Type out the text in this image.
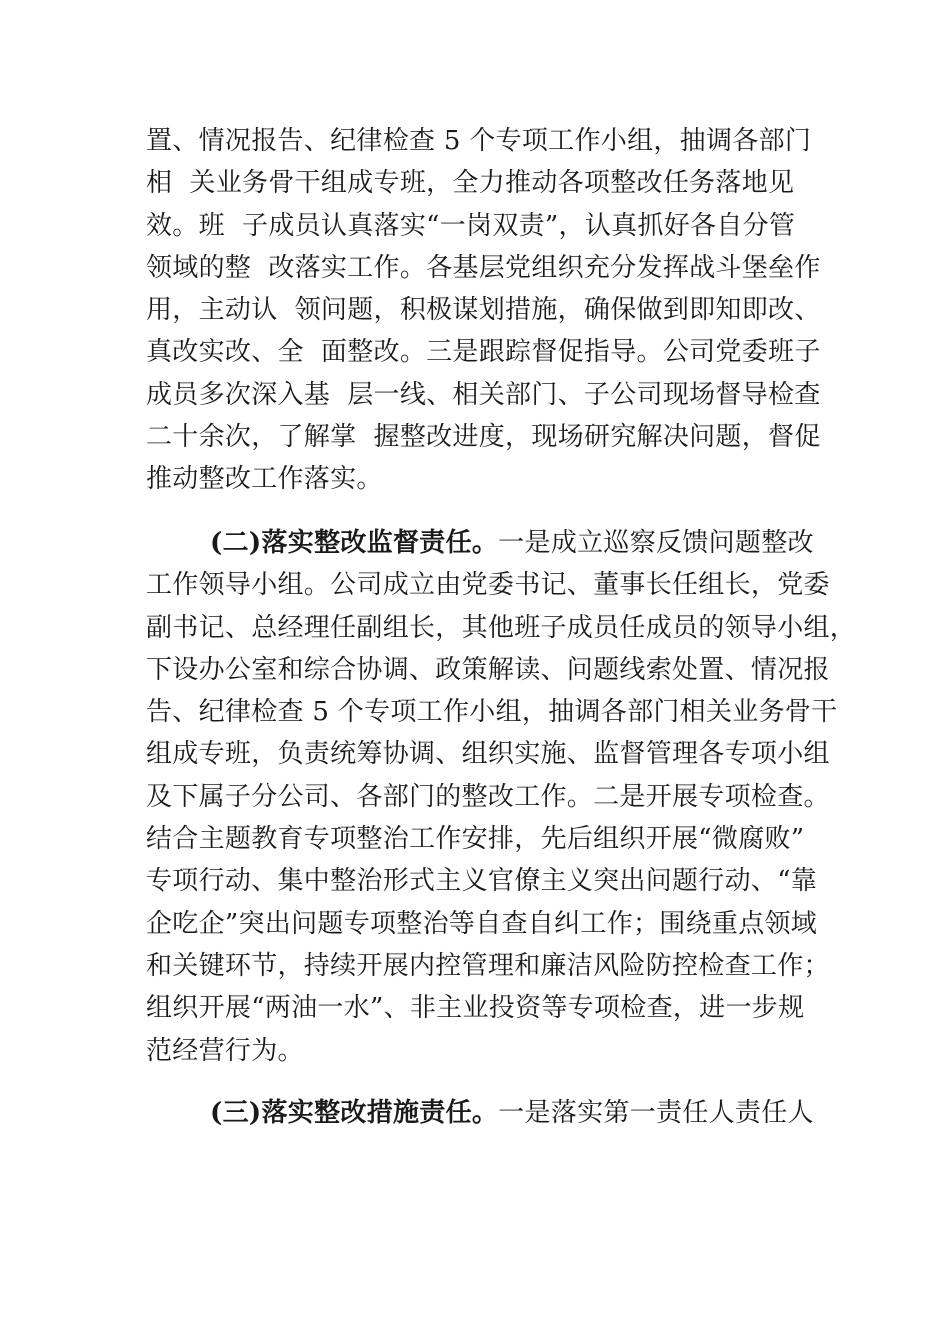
置、情况报告、纪律检查 5 个专项工作小组，抽调各部门
相  关业务骨干组成专班，全力推动各项整改任务落地见
效。班  子成员认真落实“一岗双责”，认真抓好各自分管
领域的整  改落实工作。各基层党组织充分发挥战斗堡垒作
用，主动认  领问题，积极谋划措施，确保做到即知即改、
真改实改、全  面整改。三是跟踪督促指导。公司党委班子
成员多次深入基  层一线、相关部门、子公司现场督导检查
二十余次，了解掌  握整改进度，现场研究解决问题，督促
推动整改工作落实。

(二)落实整改监督责任。一是成立巡察反馈问题整改
工作领导小组。公司成立由党委书记、董事长任组长，党委
副书记、总经理任副组长，其他班子成员任成员的领导小组，
下设办公室和综合协调、政策解读、问题线索处置、情况报
告、纪律检查 5 个专项工作小组，抽调各部门相关业务骨干
组成专班，负责统筹协调、组织实施、监督管理各专项小组
及下属子分公司、各部门的整改工作。二是开展专项检查。
结合主题教育专项整治工作安排，先后组织开展“微腐败”
专项行动、集中整治形式主义官僚主义突出问题行动、“靠
企吃企”突出问题专项整治等自查自纠工作；围绕重点领域
和关键环节，持续开展内控管理和廉洁风险防控检查工作；
组织开展“两油一水”、非主业投资等专项检查，进一步规
范经营行为。

(三)落实整改措施责任。一是落实第一责任人责任人
